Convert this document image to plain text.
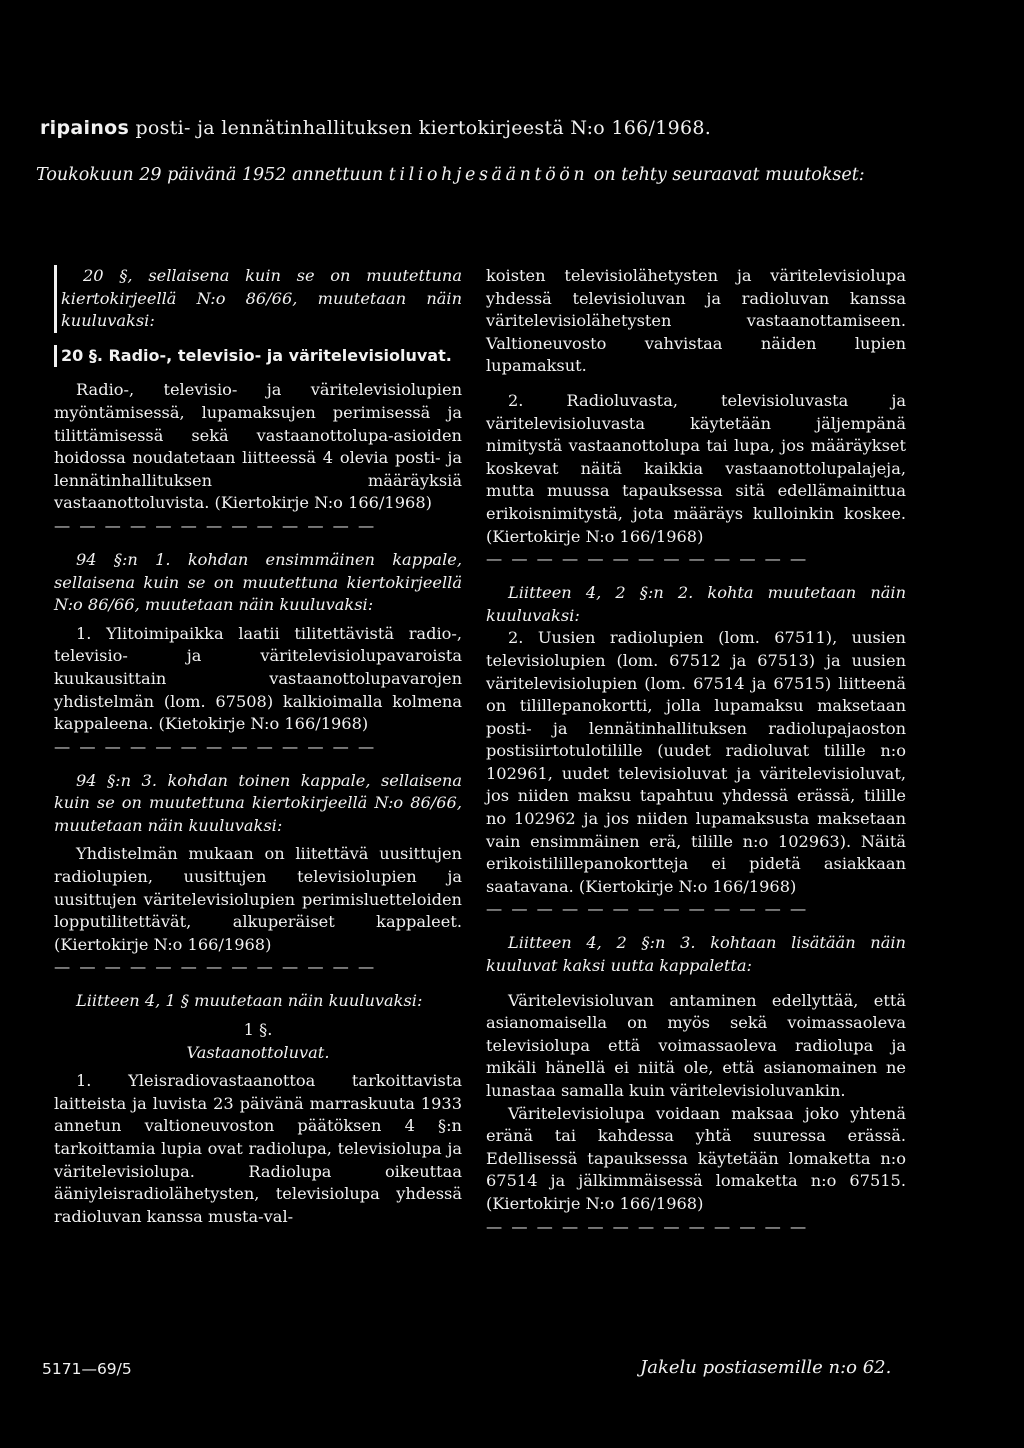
ripainos posti- ja lennätinhallituksen kiertokirjeestä N:o 166/1968.
Toukokuun 29 päivänä 1952 annettuun tiliohjesääntöön on tehty seuraavat muutokset:

20 §, sellaisena kuin se on muutettuna kiertokirjeellä N:o 86/66, muutetaan näin kuuluvaksi:

20 §. Radio-, televisio- ja väritelevisioluvat.

Radio-, televisio- ja väritelevisiolupien myöntämisessä, lupamaksujen perimisessä ja tilittämisessä sekä vastaanottolupa-asioiden hoidossa noudatetaan liitteessä 4 olevia posti- ja lennätinhallituksen määräyksiä vastaanottoluvista. (Kiertokirje N:o 166/1968)

— — — — — — — — — — — — —

94 §:n 1. kohdan ensimmäinen kappale, sellaisena kuin se on muutettuna kiertokirjeellä N:o 86/66, muutetaan näin kuuluvaksi:

1. Ylitoimipaikka laatii tilitettävistä radio-, televisio- ja väritelevisiolupavaroista kuukausittain vastaanottolupavarojen yhdistelmän (lom. 67508) kalkioimalla kolmena kappaleena. (Kietokirje N:o 166/1968)

— — — — — — — — — — — — —

94 §:n 3. kohdan toinen kappale, sellaisena kuin se on muutettuna kiertokirjeellä N:o 86/66, muutetaan näin kuuluvaksi:

Yhdistelmän mukaan on liitettävä uusittujen radiolupien, uusittujen televisiolupien ja uusittujen väritelevisiolupien perimisluetteloiden lopputilitettävät, alkuperäiset kappaleet. (Kiertokirje N:o 166/1968)

— — — — — — — — — — — — —

Liitteen 4, 1 § muutetaan näin kuuluvaksi:

1 §.

Vastaanottoluvat.

1. Yleisradiovastaanottoa tarkoittavista laitteista ja luvista 23 päivänä marraskuuta 1933 annetun valtioneuvoston päätöksen 4 §:n tarkoittamia lupia ovat radiolupa, televisiolupa ja väritelevisiolupa. Radiolupa oikeuttaa ääniyleisradiolähetysten, televisiolupa yhdessä radioluvan kanssa musta-val-

koisten televisiolähetysten ja väritelevisiolupa yhdessä televisioluvan ja radioluvan kanssa väritelevisiolähetysten vastaanottamiseen. Valtioneuvosto vahvistaa näiden lupien lupamaksut.

2. Radioluvasta, televisioluvasta ja väritelevisioluvasta käytetään jäljempänä nimitystä vastaanottolupa tai lupa, jos määräykset koskevat näitä kaikkia vastaanottolupalajeja, mutta muussa tapauksessa sitä edellämainittua erikoisnimitystä, jota määräys kulloinkin koskee. (Kiertokirje N:o 166/1968)

— — — — — — — — — — — — —

Liitteen 4, 2 §:n 2. kohta muutetaan näin kuuluvaksi:

2. Uusien radiolupien (lom. 67511), uusien televisiolupien (lom. 67512 ja 67513) ja uusien väritelevisiolupien (lom. 67514 ja 67515) liitteenä on tilillepanokortti, jolla lupamaksu maksetaan posti- ja lennätinhallituksen radiolupajaoston postisiirtotulotilille (uudet radioluvat tilille n:o 102961, uudet televisioluvat ja väritelevisioluvat, jos niiden maksu tapahtuu yhdessä erässä, tilille no 102962 ja jos niiden lupamaksusta maksetaan vain ensimmäinen erä, tilille n:o 102963). Näitä erikoistilillepanokortteja ei pidetä asiakkaan saatavana. (Kiertokirje N:o 166/1968)

— — — — — — — — — — — — —

Liitteen 4, 2 §:n 3. kohtaan lisätään näin kuuluvat kaksi uutta kappaletta:

Väritelevisioluvan antaminen edellyttää, että asianomaisella on myös sekä voimassaoleva televisiolupa että voimassaoleva radiolupa ja mikäli hänellä ei niitä ole, että asianomainen ne lunastaa samalla kuin väritelevisioluvankin.

Väritelevisiolupa voidaan maksaa joko yhtenä eränä tai kahdessa yhtä suuressa erässä. Edellisessä tapauksessa käytetään lomaketta n:o 67514 ja jälkimmäisessä lomaketta n:o 67515. (Kiertokirje N:o 166/1968)

— — — — — — — — — — — — —
5171—69/5	Jakelu postiasemille n:o 62.
